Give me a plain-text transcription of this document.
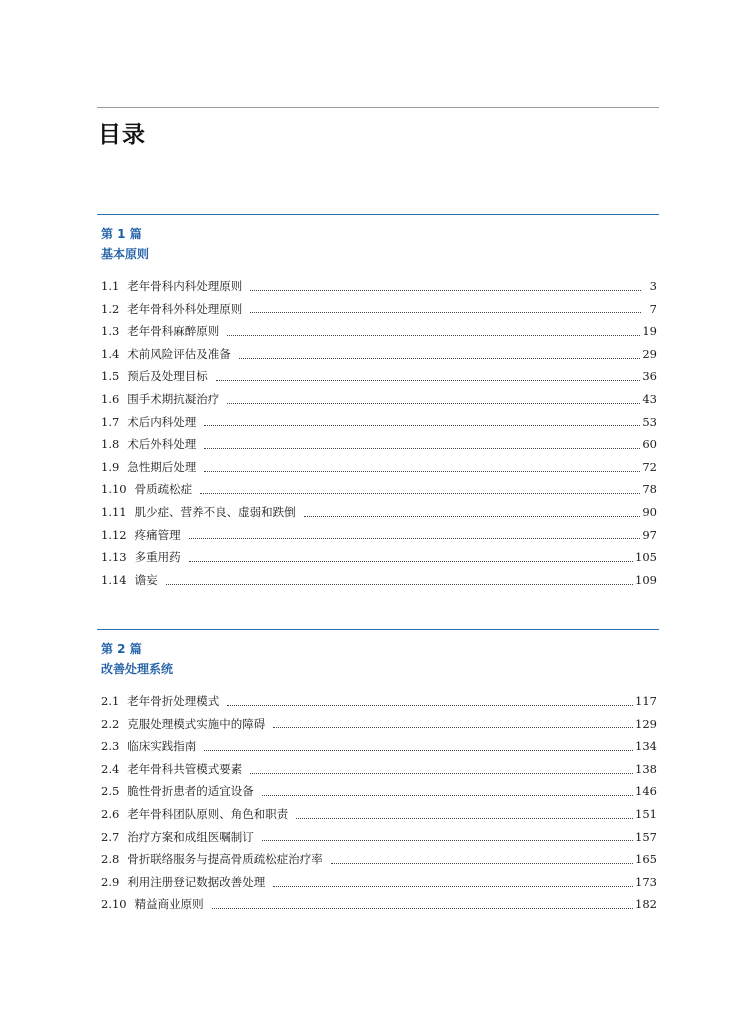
目录
第 1 篇
基本原则
1.1 老年骨科内科处理原则	3
1.2 老年骨科外科处理原则	7
1.3 老年骨科麻醉原则	19
1.4 术前风险评估及准备	29
1.5 预后及处理目标	36
1.6 围手术期抗凝治疗	43
1.7 术后内科处理	53
1.8 术后外科处理	60
1.9 急性期后处理	72
1.10 骨质疏松症	78
1.11 肌少症、营养不良、虚弱和跌倒	90
1.12 疼痛管理	97
1.13 多重用药	105
1.14 谵妄	109
第 2 篇
改善处理系统
2.1 老年骨折处理模式	117
2.2 克服处理模式实施中的障碍	129
2.3 临床实践指南	134
2.4 老年骨科共管模式要素	138
2.5 脆性骨折患者的适宜设备	146
2.6 老年骨科团队原则、角色和职责	151
2.7 治疗方案和成组医嘱制订	157
2.8 骨折联络服务与提高骨质疏松症治疗率	165
2.9 利用注册登记数据改善处理	173
2.10 精益商业原则	182
